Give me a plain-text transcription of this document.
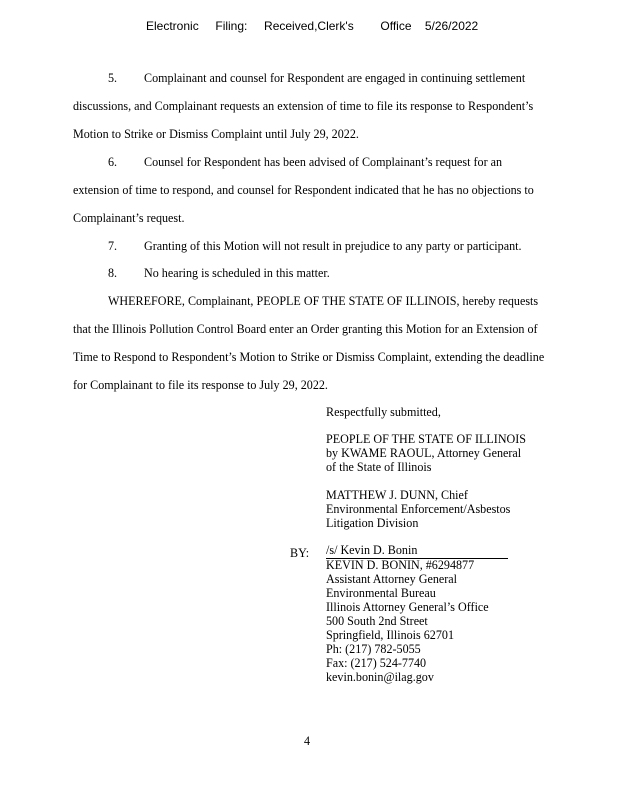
Electronic     Filing:     Received,Clerk's        Office    5/26/2022
5. Complainant and counsel for Respondent are engaged in continuing settlement
discussions, and Complainant requests an extension of time to file its response to Respondent’s
Motion to Strike or Dismiss Complaint until July 29, 2022.
6. Counsel for Respondent has been advised of Complainant’s request for an
extension of time to respond, and counsel for Respondent indicated that he has no objections to
Complainant’s request.
7. Granting of this Motion will not result in prejudice to any party or participant.
8. No hearing is scheduled in this matter.
WHEREFORE, Complainant, PEOPLE OF THE STATE OF ILLINOIS, hereby requests
that the Illinois Pollution Control Board enter an Order granting this Motion for an Extension of
Time to Respond to Respondent’s Motion to Strike or Dismiss Complaint, extending the deadline
for Complainant to file its response to July 29, 2022.
Respectfully submitted,
PEOPLE OF THE STATE OF ILLINOIS
by KWAME RAOUL, Attorney General
of the State of Illinois
MATTHEW J. DUNN, Chief
Environmental Enforcement/Asbestos
Litigation Division
BY: /s/ Kevin D. Bonin
KEVIN D. BONIN, #6294877
Assistant Attorney General
Environmental Bureau
Illinois Attorney General’s Office
500 South 2nd Street
Springfield, Illinois 62701
Ph: (217) 782-5055
Fax: (217) 524-7740
kevin.bonin@ilag.gov
4
